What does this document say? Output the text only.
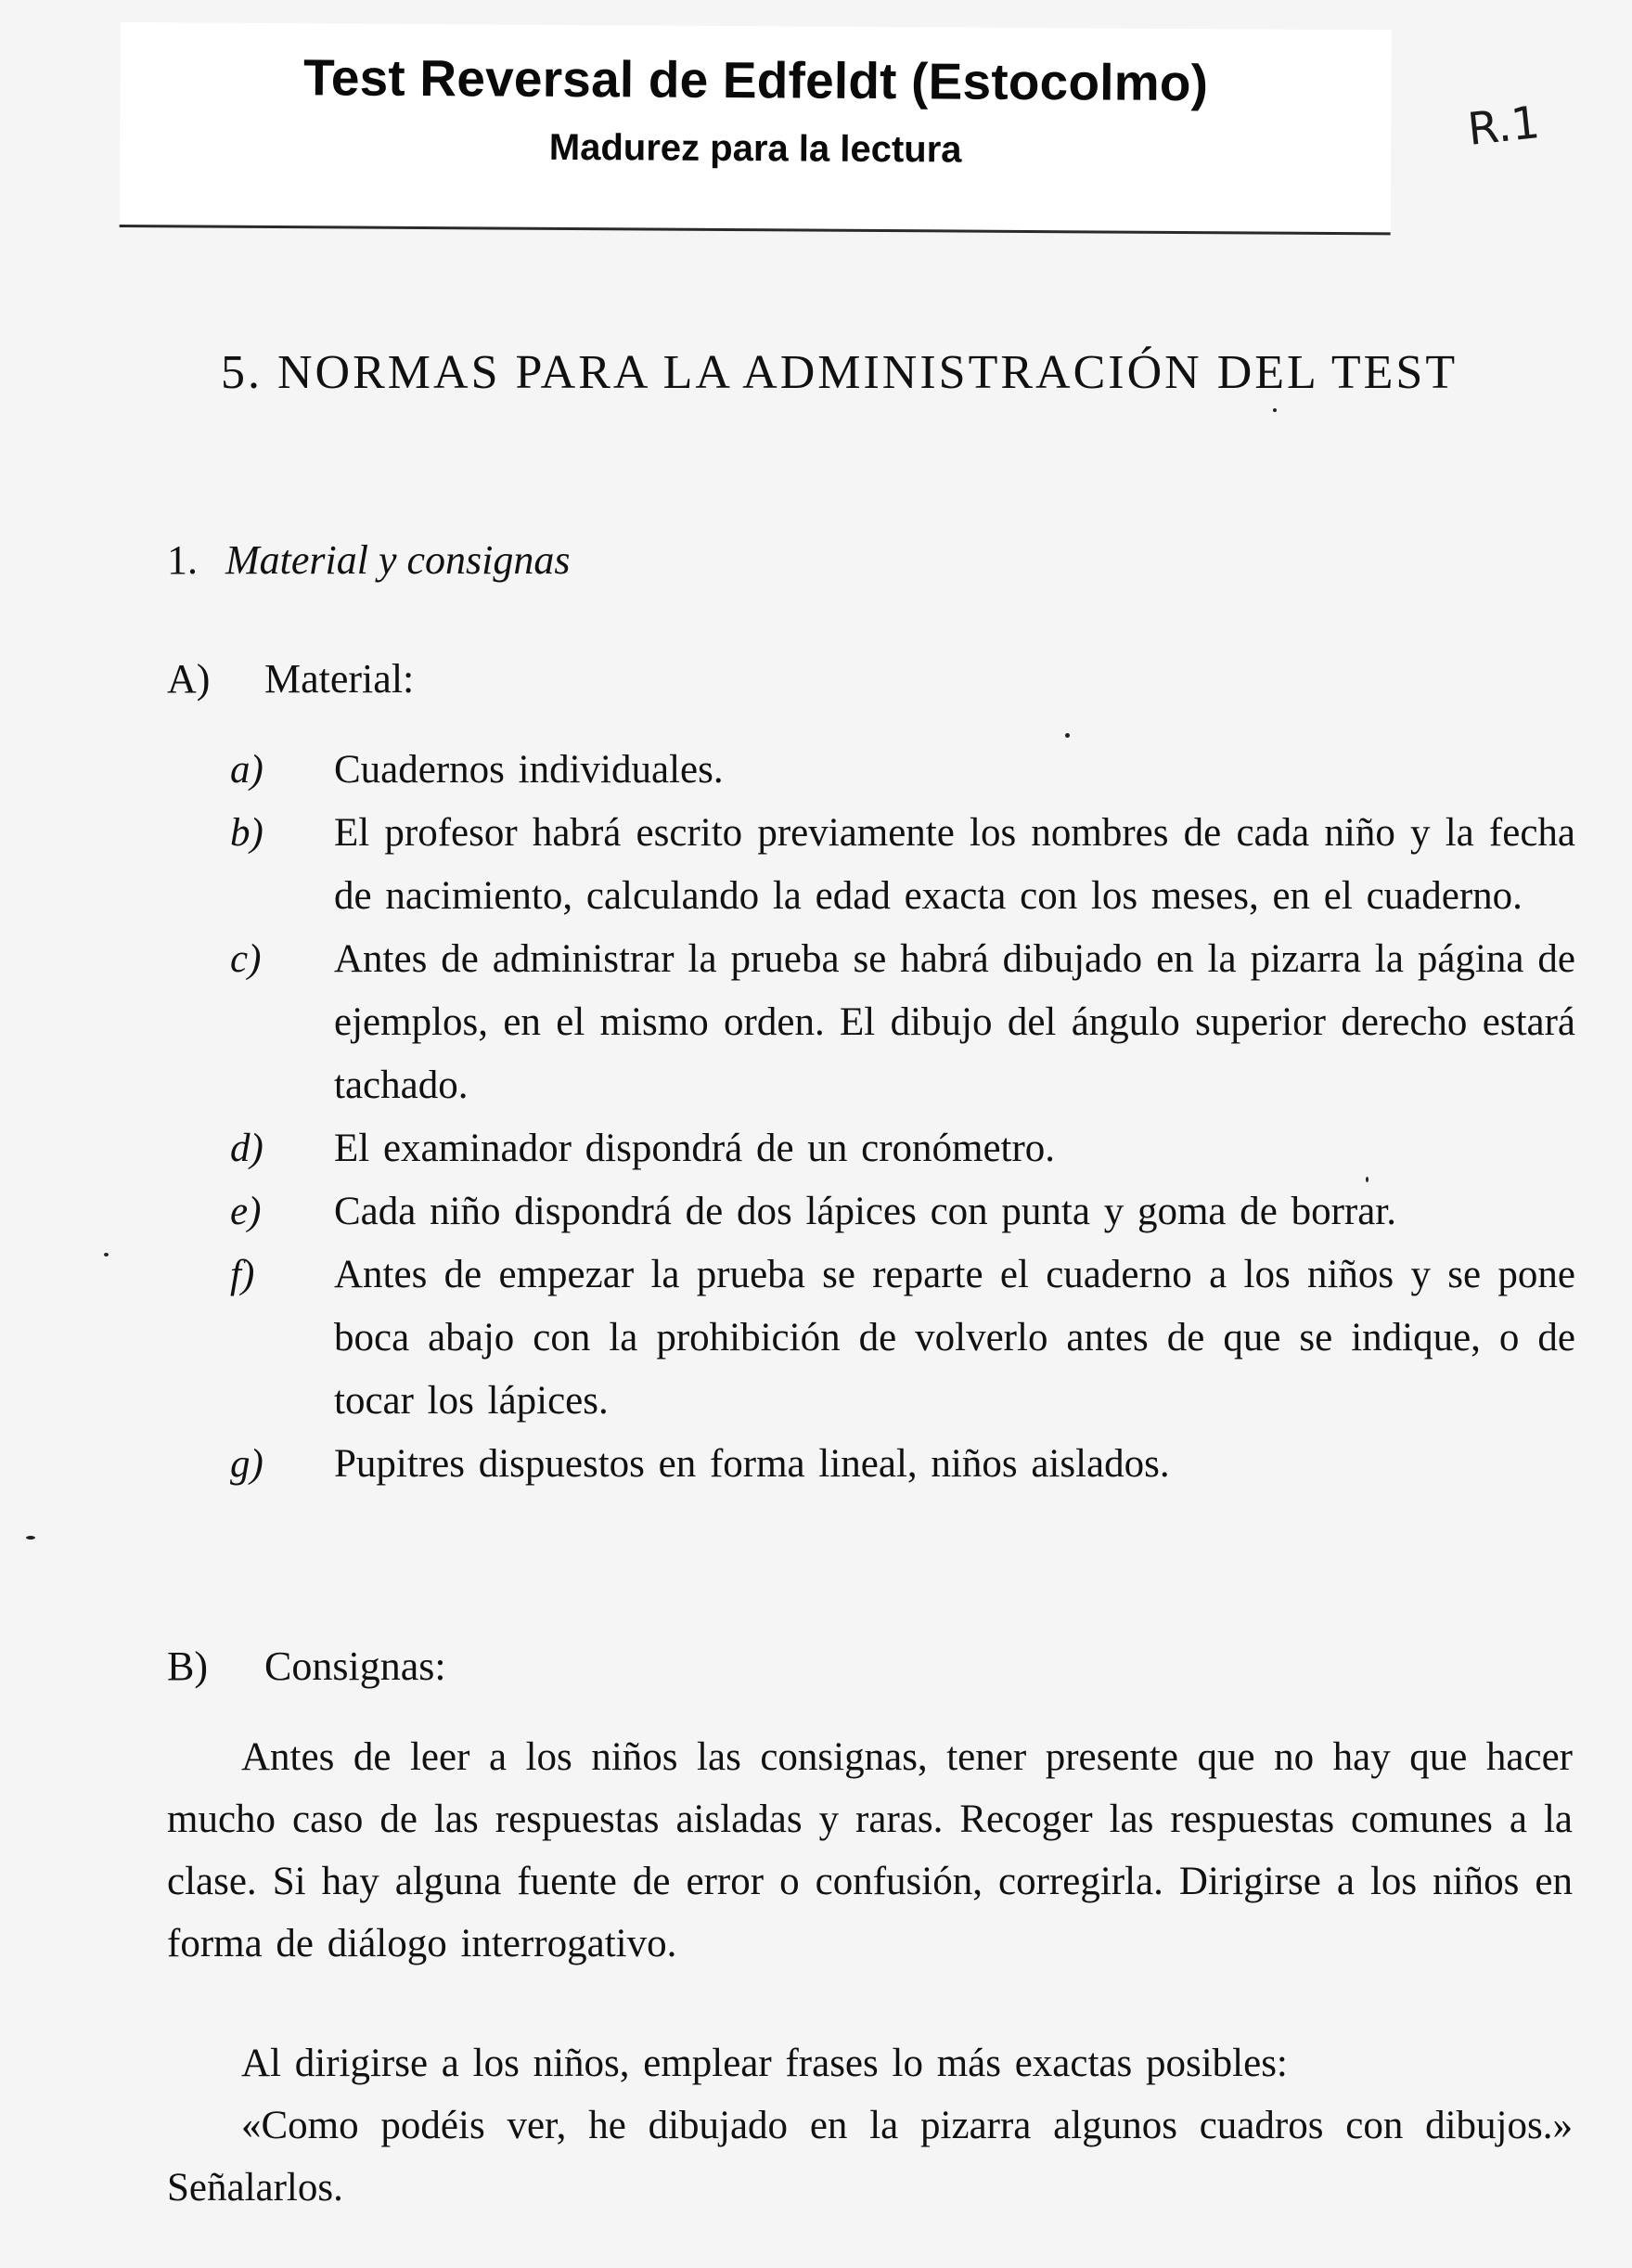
Test Reversal de Edfeldt (Estocolmo)
Madurez para la lectura	R.1
5. NORMAS PARA LA ADMINISTRACIÓN DEL TEST
1. Material y consignas
A) Material:
a)	Cuadernos individuales.
b)	El profesor habrá escrito previamente los nombres de cada niño y la fecha de nacimiento, calculando la edad exacta con los meses, en el cuaderno.
c)	Antes de administrar la prueba se habrá dibujado en la pizarra la página de ejemplos, en el mismo orden. El dibujo del ángulo superior derecho estará tachado.
d)	El examinador dispondrá de un cronómetro.
e)	Cada niño dispondrá de dos lápices con punta y goma de borrar.
f)	Antes de empezar la prueba se reparte el cuaderno a los niños y se pone boca abajo con la prohibición de volverlo antes de que se indique, o de tocar los lápices.
g)	Pupitres dispuestos en forma lineal, niños aislados.
B) Consignas:
Antes de leer a los niños las consignas, tener presente que no hay que hacer mucho caso de las respuestas aisladas y raras. Recoger las respuestas comunes a la clase. Si hay alguna fuente de error o confusión, corregirla. Dirigirse a los niños en forma de diálogo interrogativo.
Al dirigirse a los niños, emplear frases lo más exactas posibles:
«Como podéis ver, he dibujado en la pizarra algunos cuadros con dibujos.» Señalarlos.
